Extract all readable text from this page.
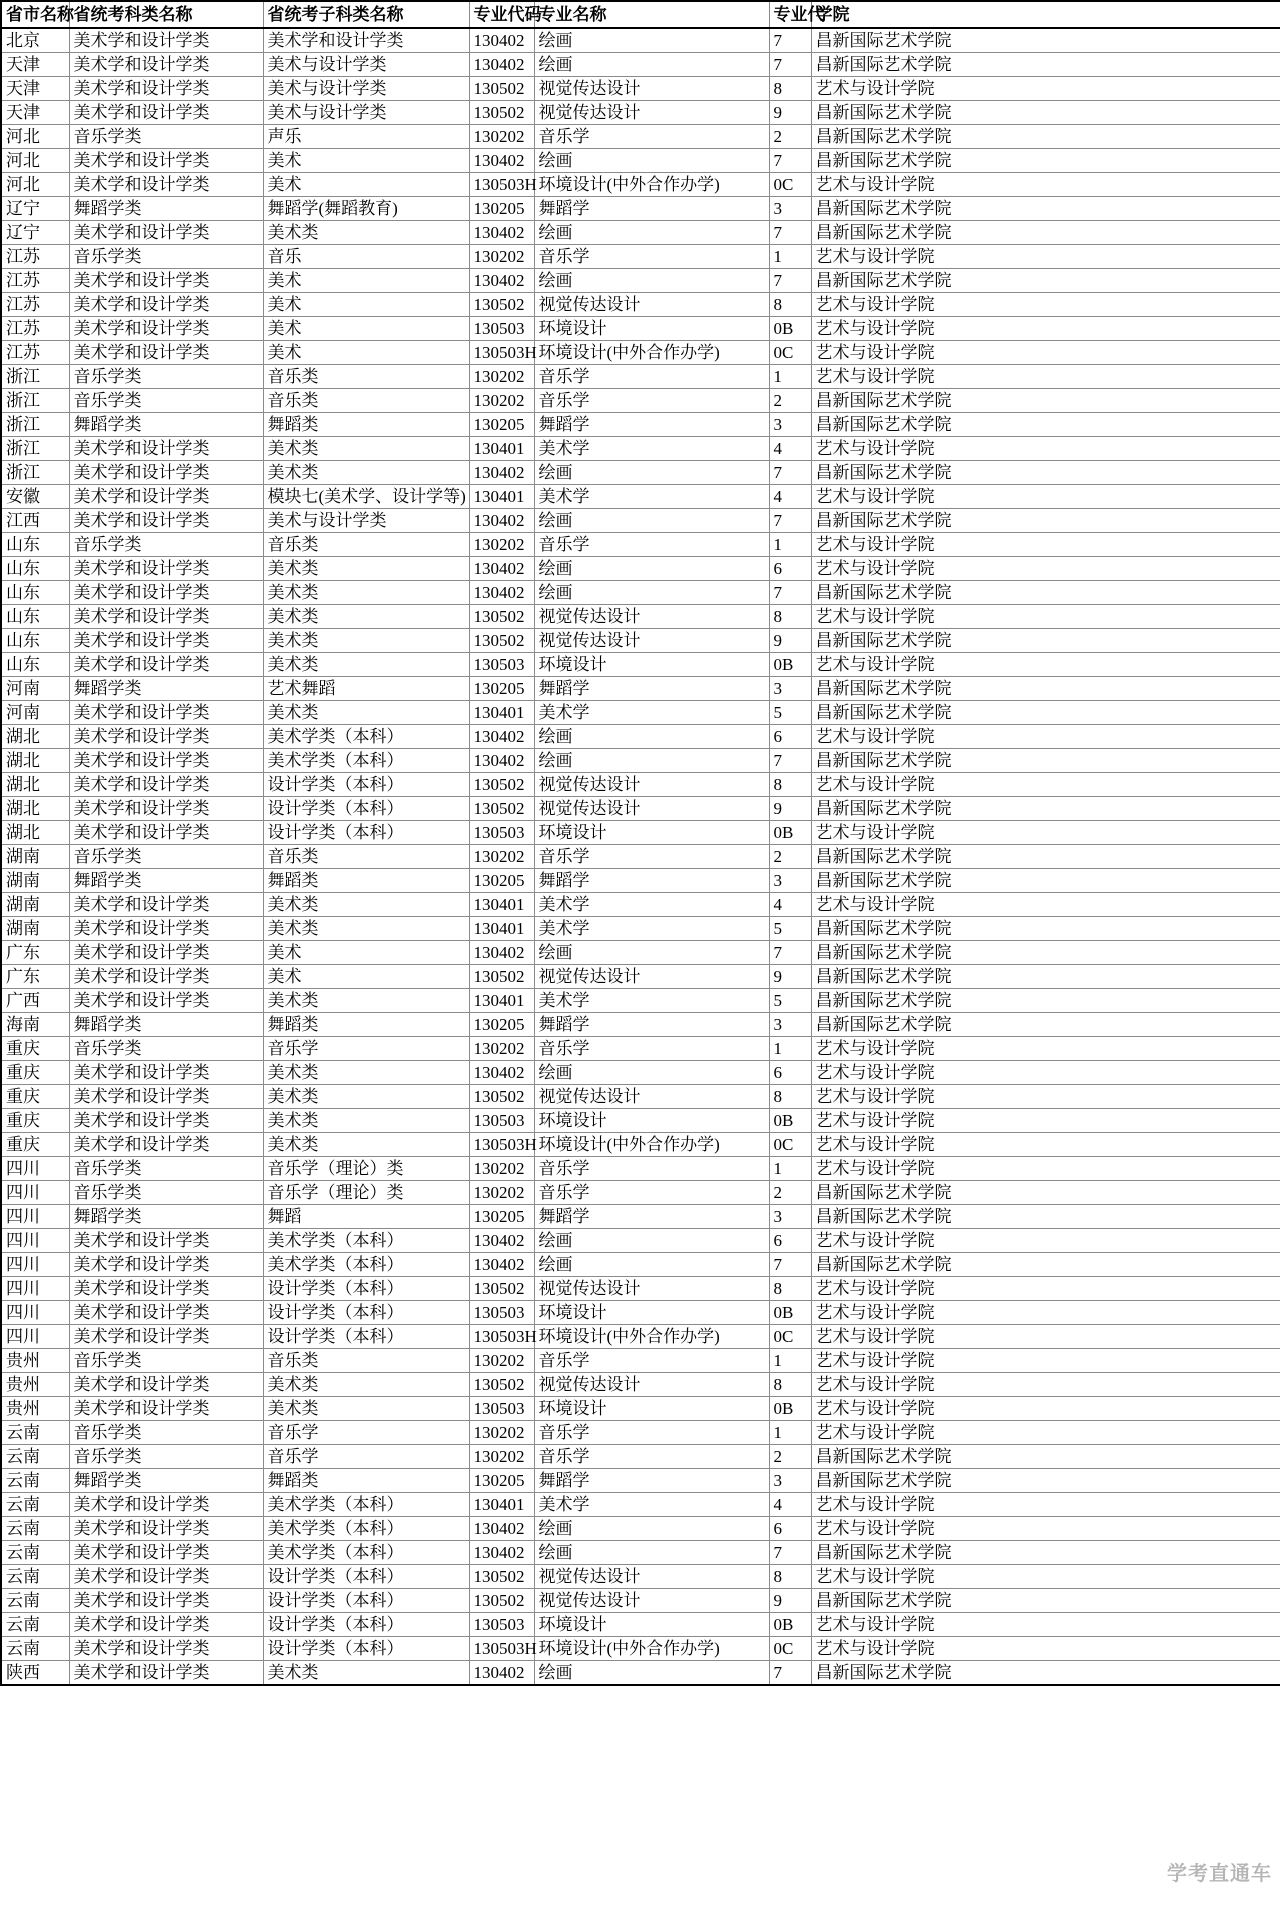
省市名称	省统考科类名称	省统考子科类名称	专业代码	专业名称	专业代	学院
北京	美术学和设计学类	美术学和设计学类	130402	绘画	7	昌新国际艺术学院
天津	美术学和设计学类	美术与设计学类	130402	绘画	7	昌新国际艺术学院
天津	美术学和设计学类	美术与设计学类	130502	视觉传达设计	8	艺术与设计学院
天津	美术学和设计学类	美术与设计学类	130502	视觉传达设计	9	昌新国际艺术学院
河北	音乐学类	声乐	130202	音乐学	2	昌新国际艺术学院
河北	美术学和设计学类	美术	130402	绘画	7	昌新国际艺术学院
河北	美术学和设计学类	美术	130503H	环境设计(中外合作办学)	0C	艺术与设计学院
辽宁	舞蹈学类	舞蹈学(舞蹈教育)	130205	舞蹈学	3	昌新国际艺术学院
辽宁	美术学和设计学类	美术类	130402	绘画	7	昌新国际艺术学院
江苏	音乐学类	音乐	130202	音乐学	1	艺术与设计学院
江苏	美术学和设计学类	美术	130402	绘画	7	昌新国际艺术学院
江苏	美术学和设计学类	美术	130502	视觉传达设计	8	艺术与设计学院
江苏	美术学和设计学类	美术	130503	环境设计	0B	艺术与设计学院
江苏	美术学和设计学类	美术	130503H	环境设计(中外合作办学)	0C	艺术与设计学院
浙江	音乐学类	音乐类	130202	音乐学	1	艺术与设计学院
浙江	音乐学类	音乐类	130202	音乐学	2	昌新国际艺术学院
浙江	舞蹈学类	舞蹈类	130205	舞蹈学	3	昌新国际艺术学院
浙江	美术学和设计学类	美术类	130401	美术学	4	艺术与设计学院
浙江	美术学和设计学类	美术类	130402	绘画	7	昌新国际艺术学院
安徽	美术学和设计学类	模块七(美术学、设计学等)	130401	美术学	4	艺术与设计学院
江西	美术学和设计学类	美术与设计学类	130402	绘画	7	昌新国际艺术学院
山东	音乐学类	音乐类	130202	音乐学	1	艺术与设计学院
山东	美术学和设计学类	美术类	130402	绘画	6	艺术与设计学院
山东	美术学和设计学类	美术类	130402	绘画	7	昌新国际艺术学院
山东	美术学和设计学类	美术类	130502	视觉传达设计	8	艺术与设计学院
山东	美术学和设计学类	美术类	130502	视觉传达设计	9	昌新国际艺术学院
山东	美术学和设计学类	美术类	130503	环境设计	0B	艺术与设计学院
河南	舞蹈学类	艺术舞蹈	130205	舞蹈学	3	昌新国际艺术学院
河南	美术学和设计学类	美术类	130401	美术学	5	昌新国际艺术学院
湖北	美术学和设计学类	美术学类（本科）	130402	绘画	6	艺术与设计学院
湖北	美术学和设计学类	美术学类（本科）	130402	绘画	7	昌新国际艺术学院
湖北	美术学和设计学类	设计学类（本科）	130502	视觉传达设计	8	艺术与设计学院
湖北	美术学和设计学类	设计学类（本科）	130502	视觉传达设计	9	昌新国际艺术学院
湖北	美术学和设计学类	设计学类（本科）	130503	环境设计	0B	艺术与设计学院
湖南	音乐学类	音乐类	130202	音乐学	2	昌新国际艺术学院
湖南	舞蹈学类	舞蹈类	130205	舞蹈学	3	昌新国际艺术学院
湖南	美术学和设计学类	美术类	130401	美术学	4	艺术与设计学院
湖南	美术学和设计学类	美术类	130401	美术学	5	昌新国际艺术学院
广东	美术学和设计学类	美术	130402	绘画	7	昌新国际艺术学院
广东	美术学和设计学类	美术	130502	视觉传达设计	9	昌新国际艺术学院
广西	美术学和设计学类	美术类	130401	美术学	5	昌新国际艺术学院
海南	舞蹈学类	舞蹈类	130205	舞蹈学	3	昌新国际艺术学院
重庆	音乐学类	音乐学	130202	音乐学	1	艺术与设计学院
重庆	美术学和设计学类	美术类	130402	绘画	6	艺术与设计学院
重庆	美术学和设计学类	美术类	130502	视觉传达设计	8	艺术与设计学院
重庆	美术学和设计学类	美术类	130503	环境设计	0B	艺术与设计学院
重庆	美术学和设计学类	美术类	130503H	环境设计(中外合作办学)	0C	艺术与设计学院
四川	音乐学类	音乐学（理论）类	130202	音乐学	1	艺术与设计学院
四川	音乐学类	音乐学（理论）类	130202	音乐学	2	昌新国际艺术学院
四川	舞蹈学类	舞蹈	130205	舞蹈学	3	昌新国际艺术学院
四川	美术学和设计学类	美术学类（本科）	130402	绘画	6	艺术与设计学院
四川	美术学和设计学类	美术学类（本科）	130402	绘画	7	昌新国际艺术学院
四川	美术学和设计学类	设计学类（本科）	130502	视觉传达设计	8	艺术与设计学院
四川	美术学和设计学类	设计学类（本科）	130503	环境设计	0B	艺术与设计学院
四川	美术学和设计学类	设计学类（本科）	130503H	环境设计(中外合作办学)	0C	艺术与设计学院
贵州	音乐学类	音乐类	130202	音乐学	1	艺术与设计学院
贵州	美术学和设计学类	美术类	130502	视觉传达设计	8	艺术与设计学院
贵州	美术学和设计学类	美术类	130503	环境设计	0B	艺术与设计学院
云南	音乐学类	音乐学	130202	音乐学	1	艺术与设计学院
云南	音乐学类	音乐学	130202	音乐学	2	昌新国际艺术学院
云南	舞蹈学类	舞蹈类	130205	舞蹈学	3	昌新国际艺术学院
云南	美术学和设计学类	美术学类（本科）	130401	美术学	4	艺术与设计学院
云南	美术学和设计学类	美术学类（本科）	130402	绘画	6	艺术与设计学院
云南	美术学和设计学类	美术学类（本科）	130402	绘画	7	昌新国际艺术学院
云南	美术学和设计学类	设计学类（本科）	130502	视觉传达设计	8	艺术与设计学院
云南	美术学和设计学类	设计学类（本科）	130502	视觉传达设计	9	昌新国际艺术学院
云南	美术学和设计学类	设计学类（本科）	130503	环境设计	0B	艺术与设计学院
云南	美术学和设计学类	设计学类（本科）	130503H	环境设计(中外合作办学)	0C	艺术与设计学院
陕西	美术学和设计学类	美术类	130402	绘画	7	昌新国际艺术学院
学考直通车
